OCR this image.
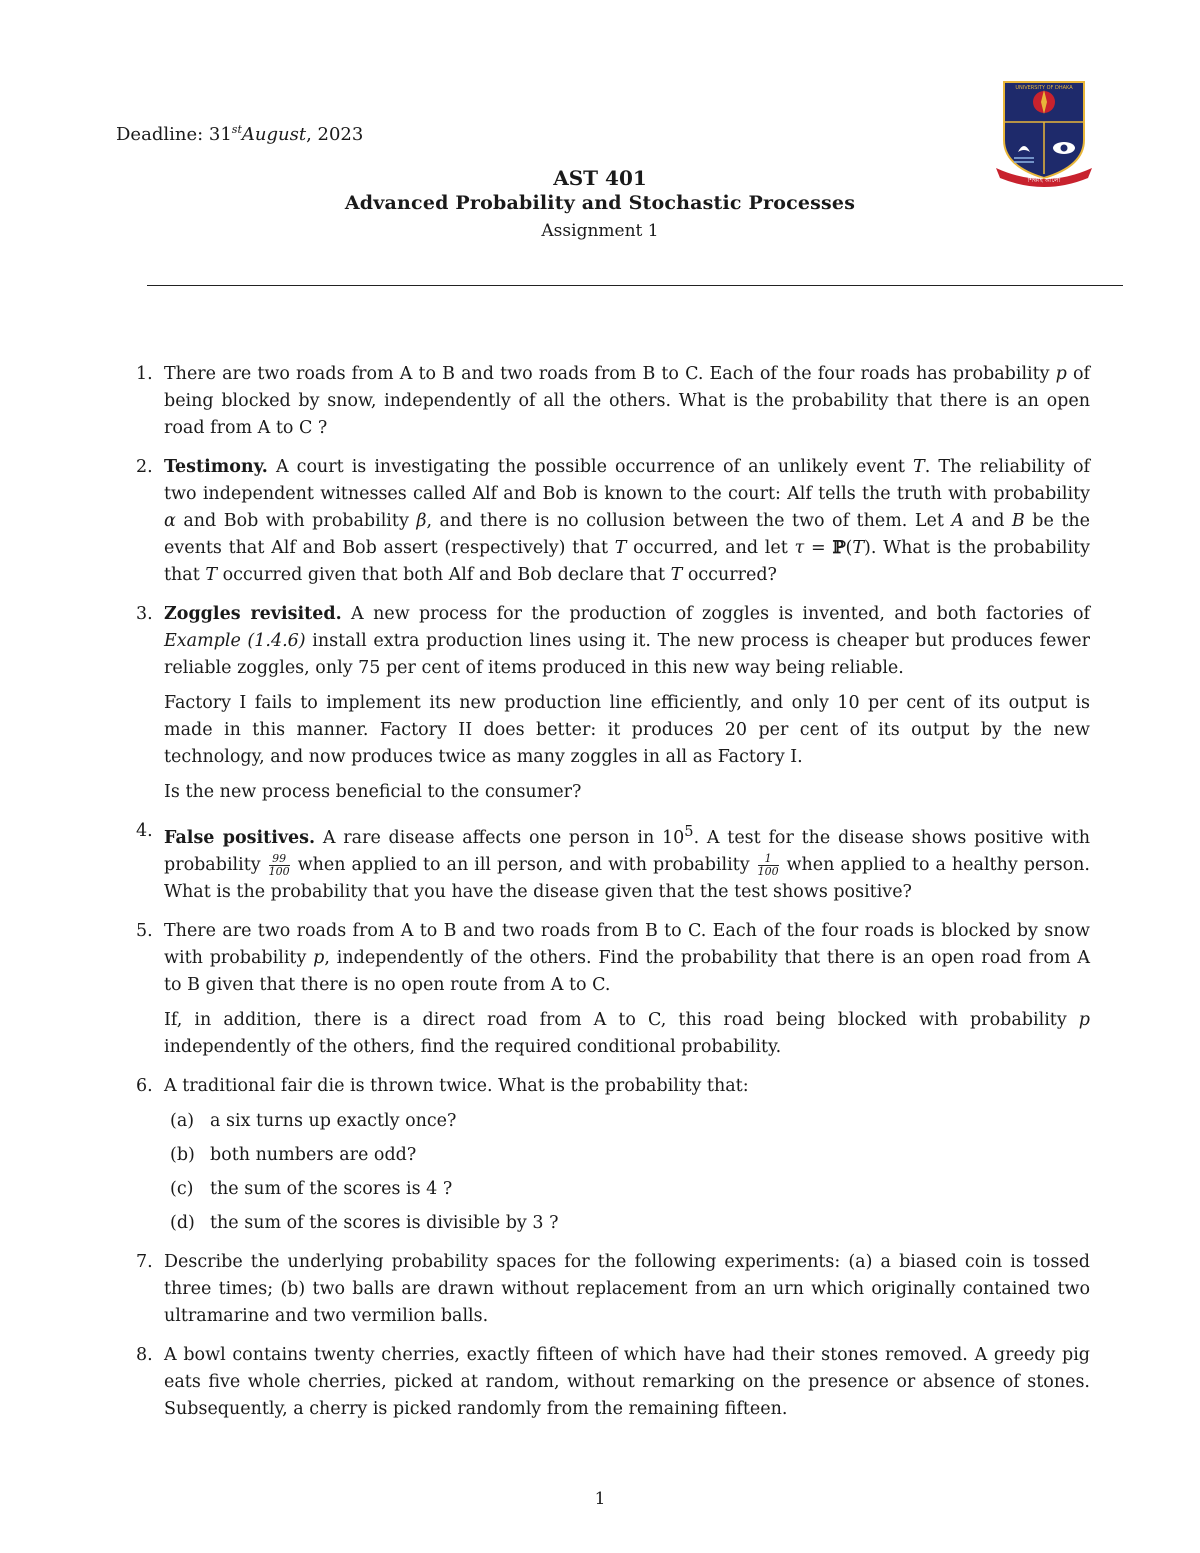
Deadline: 31stAugust, 2023
UNIVERSITY OF DHAKA
শিক্ষাই আলো
AST 401
Advanced Probability and Stochastic Processes
Assignment 1
1. There are two roads from A to B and two roads from B to C. Each of the four roads has probability p of being blocked by snow, independently of all the others. What is the probability that there is an open road from A to C ?

2. Testimony. A court is investigating the possible occurrence of an unlikely event T. The reliability of two independent witnesses called Alf and Bob is known to the court: Alf tells the truth with probability α and Bob with probability β, and there is no collusion between the two of them. Let A and B be the events that Alf and Bob assert (respectively) that T occurred, and let τ = ℙ(T). What is the probability that T occurred given that both Alf and Bob declare that T occurred?

3. Zoggles revisited. A new process for the production of zoggles is invented, and both factories of Example (1.4.6) install extra production lines using it. The new process is cheaper but produces fewer reliable zoggles, only 75 per cent of items produced in this new way being reliable.

Factory I fails to implement its new production line efficiently, and only 10 per cent of its output is made in this manner. Factory II does better: it produces 20 per cent of its output by the new technology, and now produces twice as many zoggles in all as Factory I.

Is the new process beneficial to the consumer?

4. False positives. A rare disease affects one person in $10^5$. A test for the disease shows positive with probability $\frac{99}{100}$ when applied to an ill person, and with probability $\frac{1}{100}$ when applied to a healthy person. What is the probability that you have the disease given that the test shows positive?

5. There are two roads from A to B and two roads from B to C. Each of the four roads is blocked by snow with probability p, independently of the others. Find the probability that there is an open road from A to B given that there is no open route from A to C.

If, in addition, there is a direct road from A to C, this road being blocked with probability p independently of the others, find the required conditional probability.

6. A traditional fair die is thrown twice. What is the probability that:

(a) a six turns up exactly once?
(b) both numbers are odd?
(c) the sum of the scores is 4 ?
(d) the sum of the scores is divisible by 3 ?
7. Describe the underlying probability spaces for the following experiments: (a) a biased coin is tossed three times; (b) two balls are drawn without replacement from an urn which originally contained two ultramarine and two vermilion balls.

8. A bowl contains twenty cherries, exactly fifteen of which have had their stones removed. A greedy pig eats five whole cherries, picked at random, without remarking on the presence or absence of stones. Subsequently, a cherry is picked randomly from the remaining fifteen.

1
